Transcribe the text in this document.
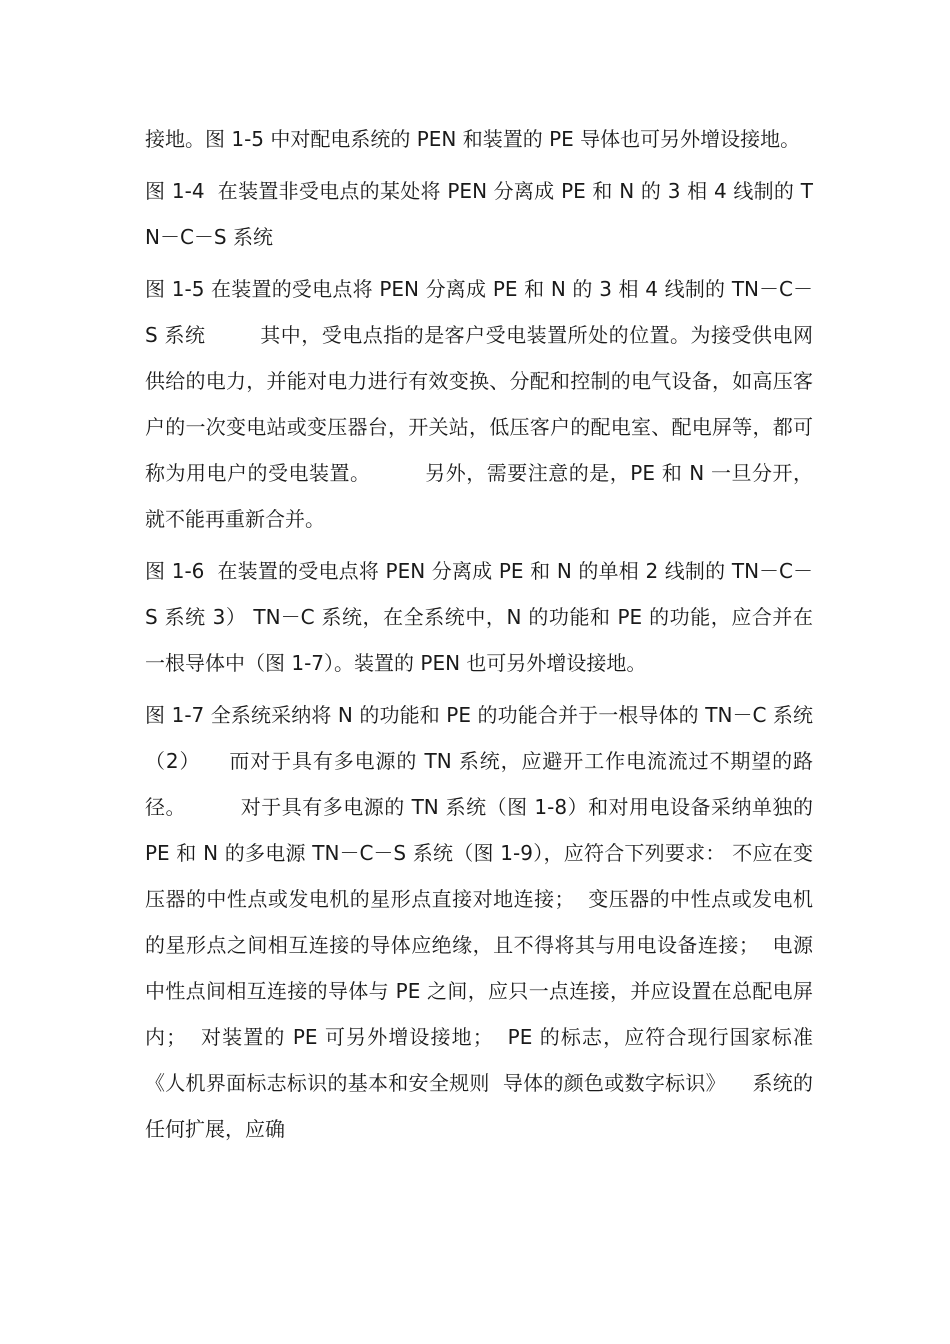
接地。图 1-5 中对配电系统的 PEN 和装置的 PE 导体也可另外增设接地。

图 1-4  在装置非受电点的某处将 PEN 分离成 PE 和 N 的 3 相 4 线制的 TN－C－S 系统

图 1-5 在装置的受电点将 PEN 分离成 PE 和 N 的 3 相 4 线制的 TN－C－S 系统        其中，受电点指的是客户受电装置所处的位置。为接受供电网供给的电力，并能对电力进行有效变换、分配和控制的电气设备，如高压客户的一次变电站或变压器台，开关站，低压客户的配电室、配电屏等，都可称为用电户的受电装置。        另外，需要注意的是，PE 和 N 一旦分开，就不能再重新合并。

图 1-6  在装置的受电点将 PEN 分离成 PE 和 N 的单相 2 线制的 TN－C－S 系统 3） TN－C 系统，在全系统中，N 的功能和 PE 的功能，应合并在一根导体中（图 1-7）。装置的 PEN 也可另外增设接地。

图 1-7 全系统采纳将 N 的功能和 PE 的功能合并于一根导体的 TN－C 系统（2）    而对于具有多电源的 TN 系统，应避开工作电流流过不期望的路径。        对于具有多电源的 TN 系统（图 1-8）和对用电设备采纳单独的 PE 和 N 的多电源 TN－C－S 系统（图 1-9），应符合下列要求： 不应在变压器的中性点或发电机的星形点直接对地连接；  变压器的中性点或发电机的星形点之间相互连接的导体应绝缘，且不得将其与用电设备连接；  电源中性点间相互连接的导体与 PE 之间，应只一点连接，并应设置在总配电屏内；  对装置的 PE 可另外增设接地；  PE 的标志，应符合现行国家标准《人机界面标志标识的基本和安全规则  导体的颜色或数字标识》    系统的任何扩展，应确
